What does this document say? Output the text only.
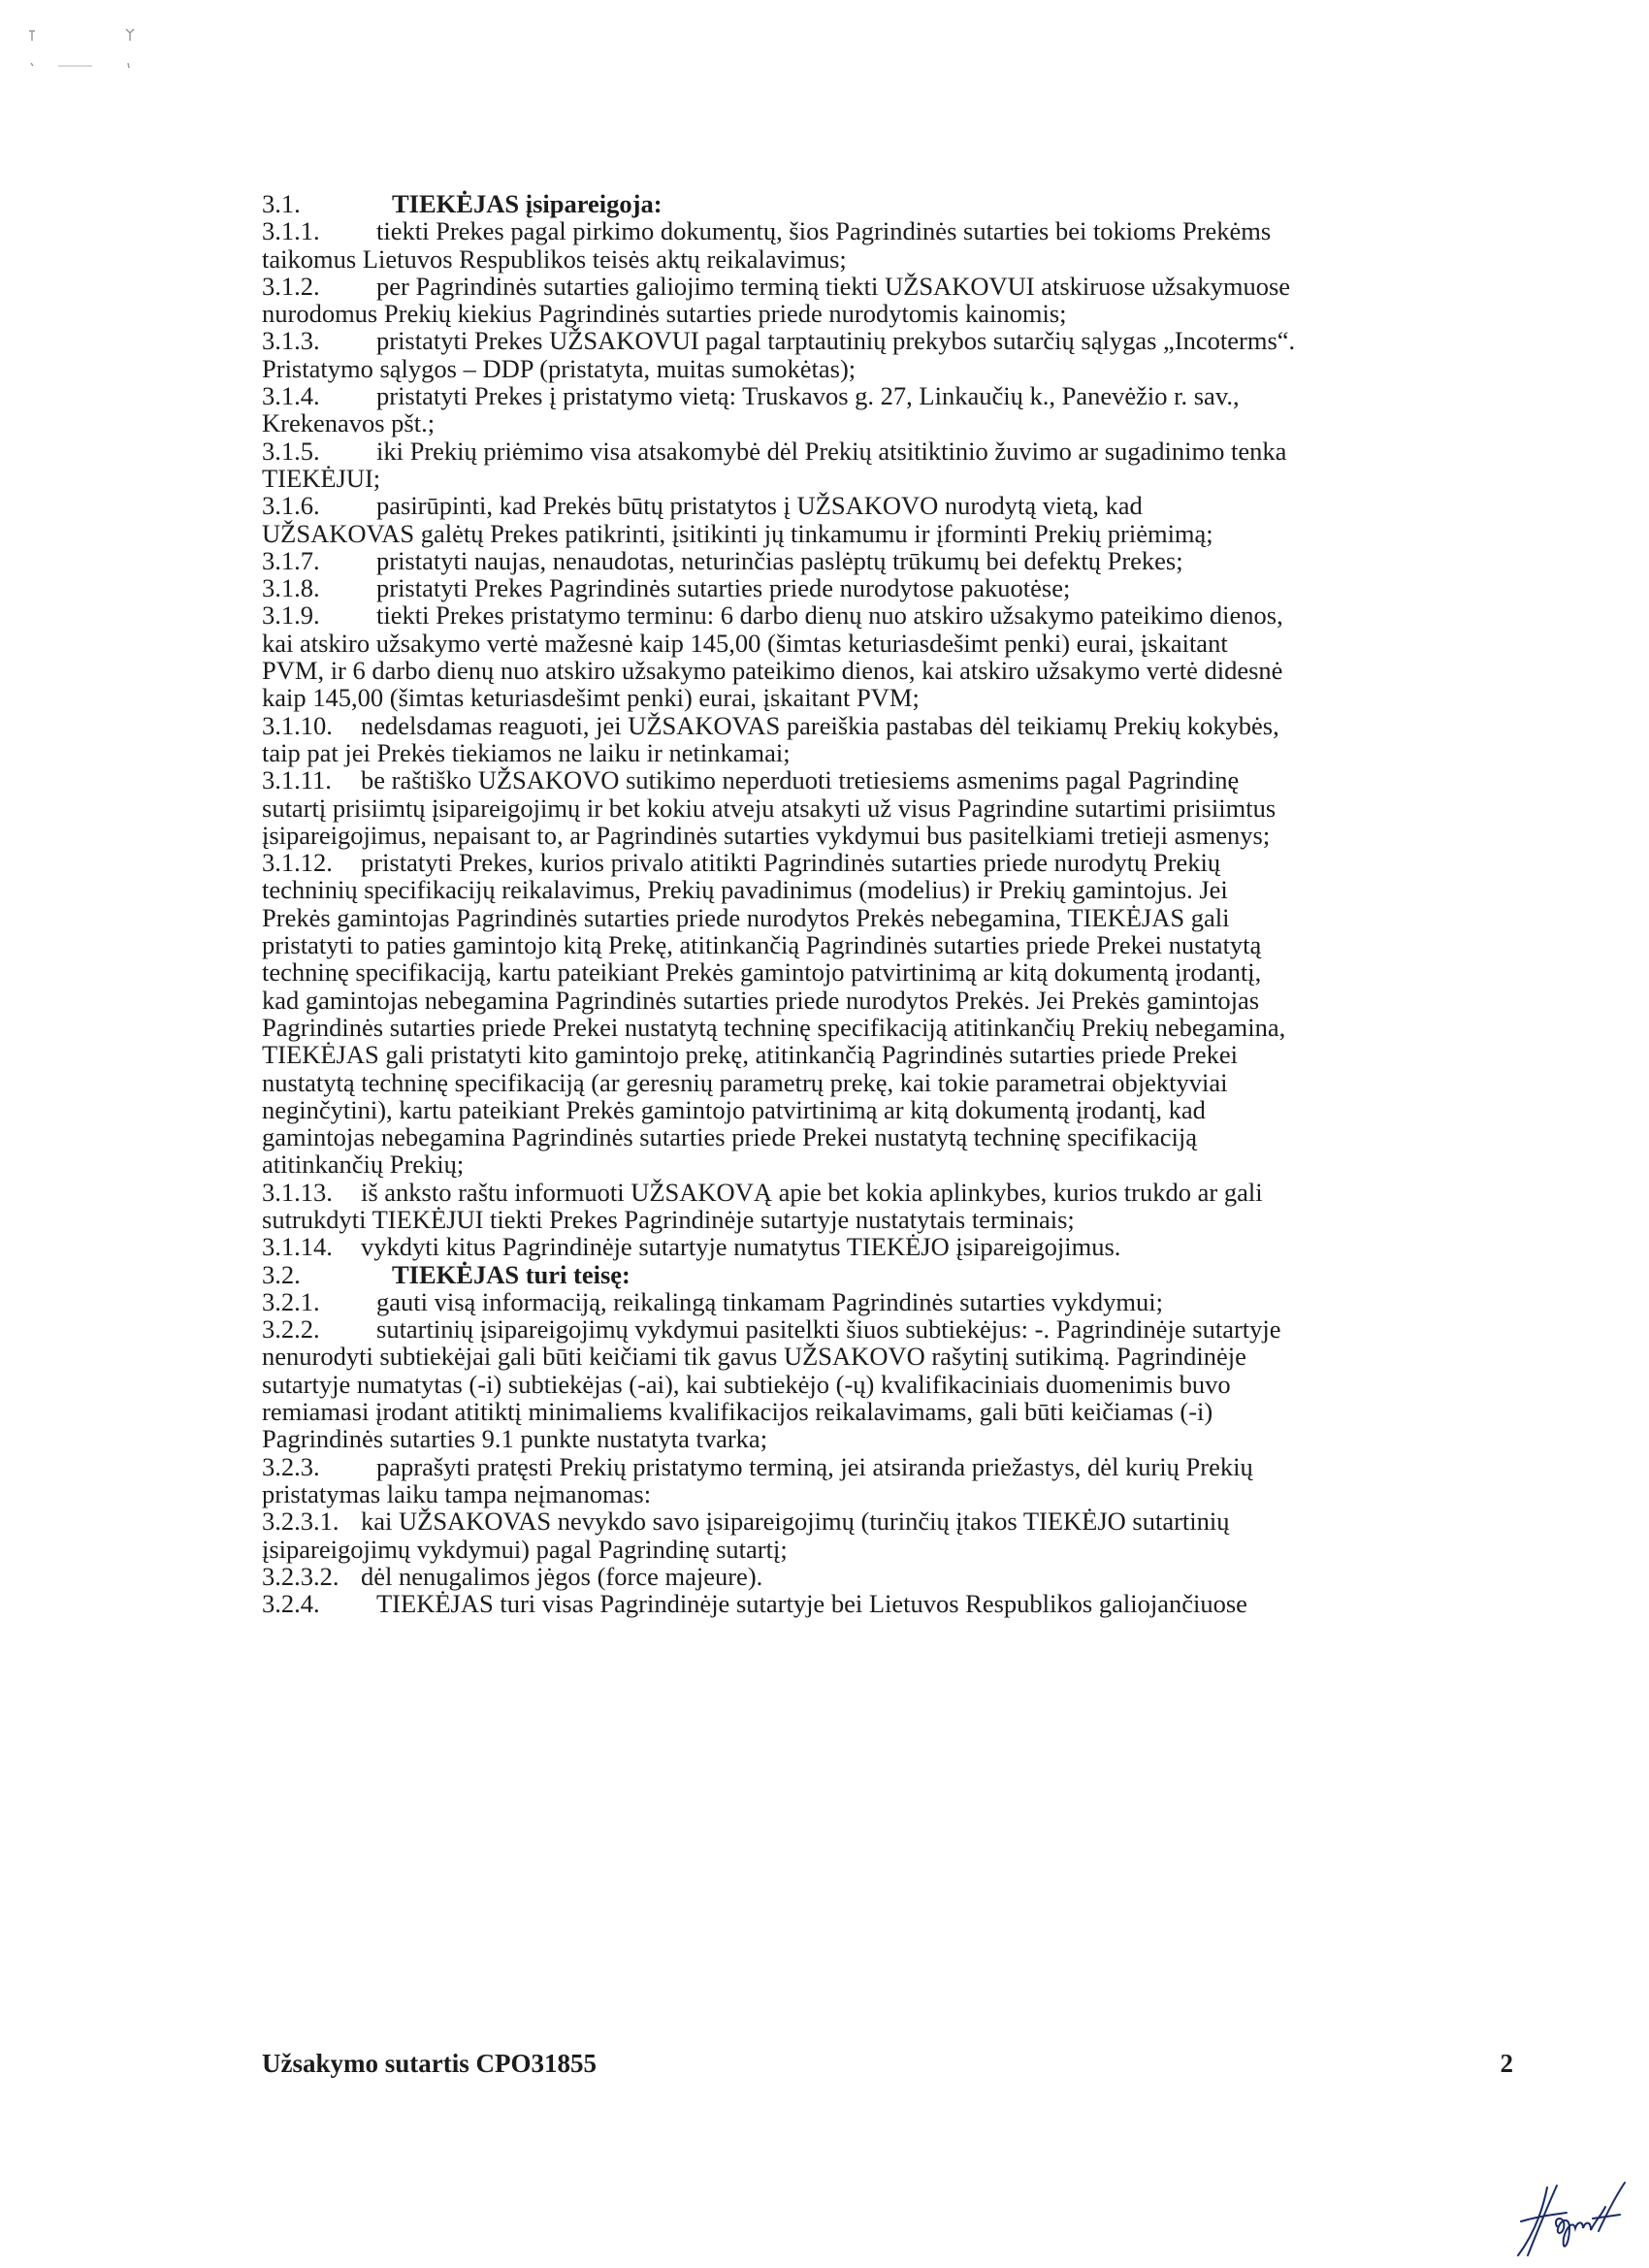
3.1.	TIEKĖJAS įsipareigoja:
3.1.1. tiekti Prekes pagal pirkimo dokumentų, šios Pagrindinės sutarties bei tokioms Prekėms
taikomus Lietuvos Respublikos teisės aktų reikalavimus;
3.1.2. per Pagrindinės sutarties galiojimo terminą tiekti UŽSAKOVUI atskiruose užsakymuose
nurodomus Prekių kiekius Pagrindinės sutarties priede nurodytomis kainomis;
3.1.3. pristatyti Prekes UŽSAKOVUI pagal tarptautinių prekybos sutarčių sąlygas „Incoterms“.
Pristatymo sąlygos – DDP (pristatyta, muitas sumokėtas);
3.1.4. pristatyti Prekes į pristatymo vietą: Truskavos g. 27, Linkaučių k., Panevėžio r. sav.,
Krekenavos pšt.;
3.1.5. iki Prekių priėmimo visa atsakomybė dėl Prekių atsitiktinio žuvimo ar sugadinimo tenka
TIEKĖJUI;
3.1.6. pasirūpinti, kad Prekės būtų pristatytos į UŽSAKOVO nurodytą vietą, kad
UŽSAKOVAS galėtų Prekes patikrinti, įsitikinti jų tinkamumu ir įforminti Prekių priėmimą;
3.1.7. pristatyti naujas, nenaudotas, neturinčias paslėptų trūkumų bei defektų Prekes;
3.1.8. pristatyti Prekes Pagrindinės sutarties priede nurodytose pakuotėse;
3.1.9. tiekti Prekes pristatymo terminu: 6 darbo dienų nuo atskiro užsakymo pateikimo dienos,
kai atskiro užsakymo vertė mažesnė kaip 145,00 (šimtas keturiasdešimt penki) eurai, įskaitant
PVM, ir 6 darbo dienų nuo atskiro užsakymo pateikimo dienos, kai atskiro užsakymo vertė didesnė
kaip 145,00 (šimtas keturiasdešimt penki) eurai, įskaitant PVM;
3.1.10. nedelsdamas reaguoti, jei UŽSAKOVAS pareiškia pastabas dėl teikiamų Prekių kokybės,
taip pat jei Prekės tiekiamos ne laiku ir netinkamai;
3.1.11. be raštiško UŽSAKOVO sutikimo neperduoti tretiesiems asmenims pagal Pagrindinę
sutartį prisiimtų įsipareigojimų ir bet kokiu atveju atsakyti už visus Pagrindine sutartimi prisiimtus
įsipareigojimus, nepaisant to, ar Pagrindinės sutarties vykdymui bus pasitelkiami tretieji asmenys;
3.1.12. pristatyti Prekes, kurios privalo atitikti Pagrindinės sutarties priede nurodytų Prekių
techninių specifikacijų reikalavimus, Prekių pavadinimus (modelius) ir Prekių gamintojus. Jei
Prekės gamintojas Pagrindinės sutarties priede nurodytos Prekės nebegamina, TIEKĖJAS gali
pristatyti to paties gamintojo kitą Prekę, atitinkančią Pagrindinės sutarties priede Prekei nustatytą
techninę specifikaciją, kartu pateikiant Prekės gamintojo patvirtinimą ar kitą dokumentą įrodantį,
kad gamintojas nebegamina Pagrindinės sutarties priede nurodytos Prekės. Jei Prekės gamintojas
Pagrindinės sutarties priede Prekei nustatytą techninę specifikaciją atitinkančių Prekių nebegamina,
TIEKĖJAS gali pristatyti kito gamintojo prekę, atitinkančią Pagrindinės sutarties priede Prekei
nustatytą techninę specifikaciją (ar geresnių parametrų prekę, kai tokie parametrai objektyviai
neginčytini), kartu pateikiant Prekės gamintojo patvirtinimą ar kitą dokumentą įrodantį, kad
gamintojas nebegamina Pagrindinės sutarties priede Prekei nustatytą techninę specifikaciją
atitinkančių Prekių;
3.1.13. iš anksto raštu informuoti UŽSAKOVĄ apie bet kokia aplinkybes, kurios trukdo ar gali
sutrukdyti TIEKĖJUI tiekti Prekes Pagrindinėje sutartyje nustatytais terminais;
3.1.14. vykdyti kitus Pagrindinėje sutartyje numatytus TIEKĖJO įsipareigojimus.
3.2.	TIEKĖJAS turi teisę:
3.2.1. gauti visą informaciją, reikalingą tinkamam Pagrindinės sutarties vykdymui;
3.2.2. sutartinių įsipareigojimų vykdymui pasitelkti šiuos subtiekėjus: -. Pagrindinėje sutartyje
nenurodyti subtiekėjai gali būti keičiami tik gavus UŽSAKOVO rašytinį sutikimą. Pagrindinėje
sutartyje numatytas (-i) subtiekėjas (-ai), kai subtiekėjo (-ų) kvalifikaciniais duomenimis buvo
remiamasi įrodant atitiktį minimaliems kvalifikacijos reikalavimams, gali būti keičiamas (-i)
Pagrindinės sutarties 9.1 punkte nustatyta tvarka;
3.2.3. paprašyti pratęsti Prekių pristatymo terminą, jei atsiranda priežastys, dėl kurių Prekių
pristatymas laiku tampa neįmanomas:
3.2.3.1. kai UŽSAKOVAS nevykdo savo įsipareigojimų (turinčių įtakos TIEKĖJO sutartinių
įsipareigojimų vykdymui) pagal Pagrindinę sutartį;
3.2.3.2. dėl nenugalimos jėgos (force majeure).
3.2.4. TIEKĖJAS turi visas Pagrindinėje sutartyje bei Lietuvos Respublikos galiojančiuose
Užsakymo sutartis CPO31855	2
